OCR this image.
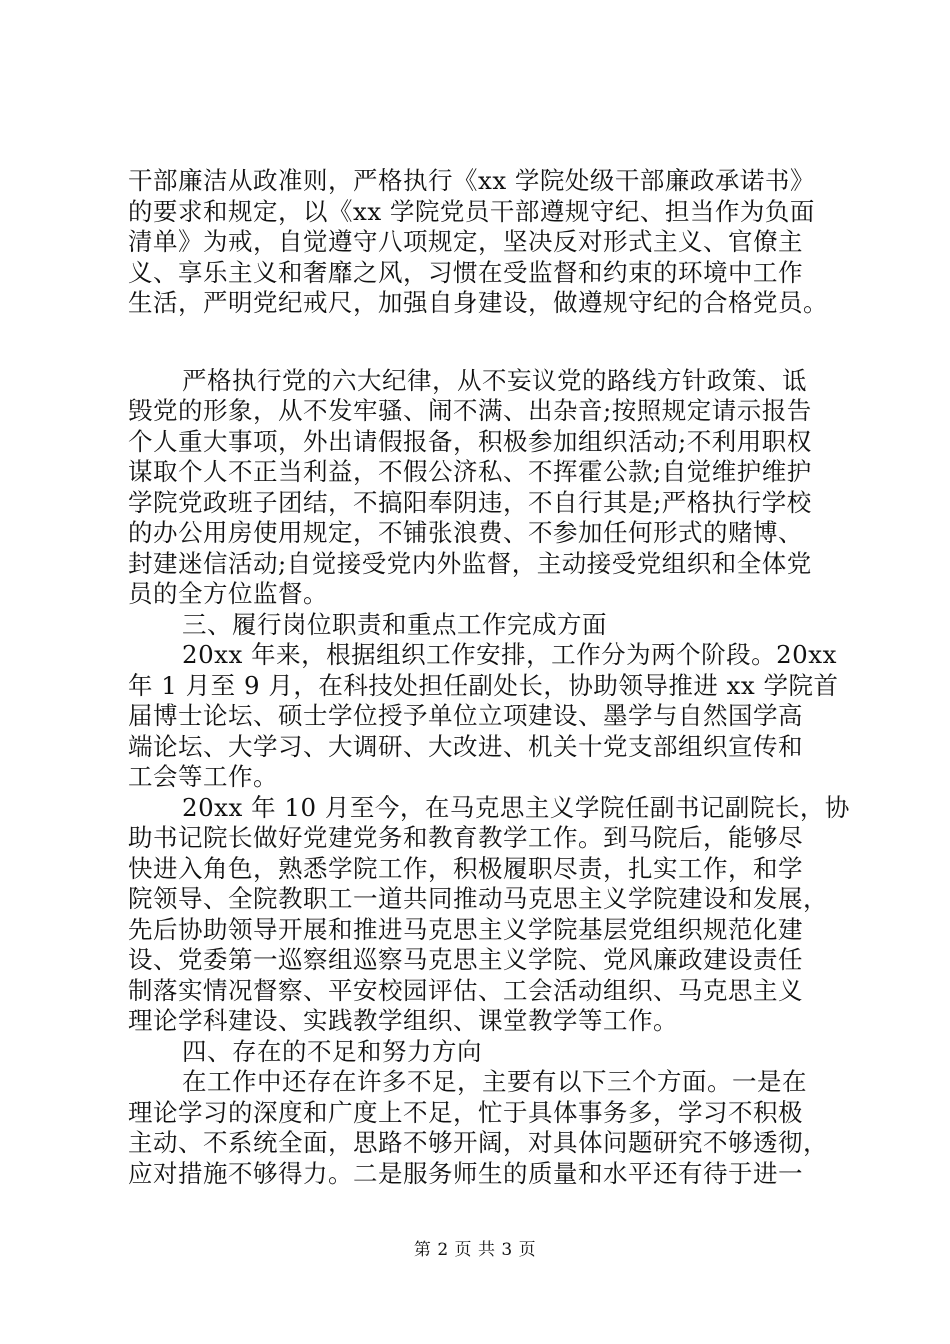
干部廉洁从政准则，严格执行《xx 学院处级干部廉政承诺书》
的要求和规定，以《xx 学院党员干部遵规守纪、担当作为负面
清单》为戒，自觉遵守八项规定，坚决反对形式主义、官僚主
义、享乐主义和奢靡之风，习惯在受监督和约束的环境中工作
生活，严明党纪戒尺，加强自身建设，做遵规守纪的合格党员。
严格执行党的六大纪律，从不妄议党的路线方针政策、诋
毁党的形象，从不发牢骚、闹不满、出杂音;按照规定请示报告
个人重大事项，外出请假报备，积极参加组织活动;不利用职权
谋取个人不正当利益，不假公济私、不挥霍公款;自觉维护维护
学院党政班子团结，不搞阳奉阴违，不自行其是;严格执行学校
的办公用房使用规定，不铺张浪费、不参加任何形式的赌博、
封建迷信活动;自觉接受党内外监督，主动接受党组织和全体党
员的全方位监督。
三、履行岗位职责和重点工作完成方面
20xx 年来，根据组织工作安排，工作分为两个阶段。20xx
年 1 月至 9 月，在科技处担任副处长，协助领导推进 xx 学院首
届博士论坛、硕士学位授予单位立项建设、墨学与自然国学高
端论坛、大学习、大调研、大改进、机关十党支部组织宣传和
工会等工作。
20xx 年 10 月至今，在马克思主义学院任副书记副院长，协
助书记院长做好党建党务和教育教学工作。到马院后，能够尽
快进入角色，熟悉学院工作，积极履职尽责，扎实工作，和学
院领导、全院教职工一道共同推动马克思主义学院建设和发展，
先后协助领导开展和推进马克思主义学院基层党组织规范化建
设、党委第一巡察组巡察马克思主义学院、党风廉政建设责任
制落实情况督察、平安校园评估、工会活动组织、马克思主义
理论学科建设、实践教学组织、课堂教学等工作。
四、存在的不足和努力方向
在工作中还存在许多不足，主要有以下三个方面。一是在
理论学习的深度和广度上不足，忙于具体事务多，学习不积极
主动、不系统全面，思路不够开阔，对具体问题研究不够透彻，
应对措施不够得力。二是服务师生的质量和水平还有待于进一
第 2 页 共 3 页
